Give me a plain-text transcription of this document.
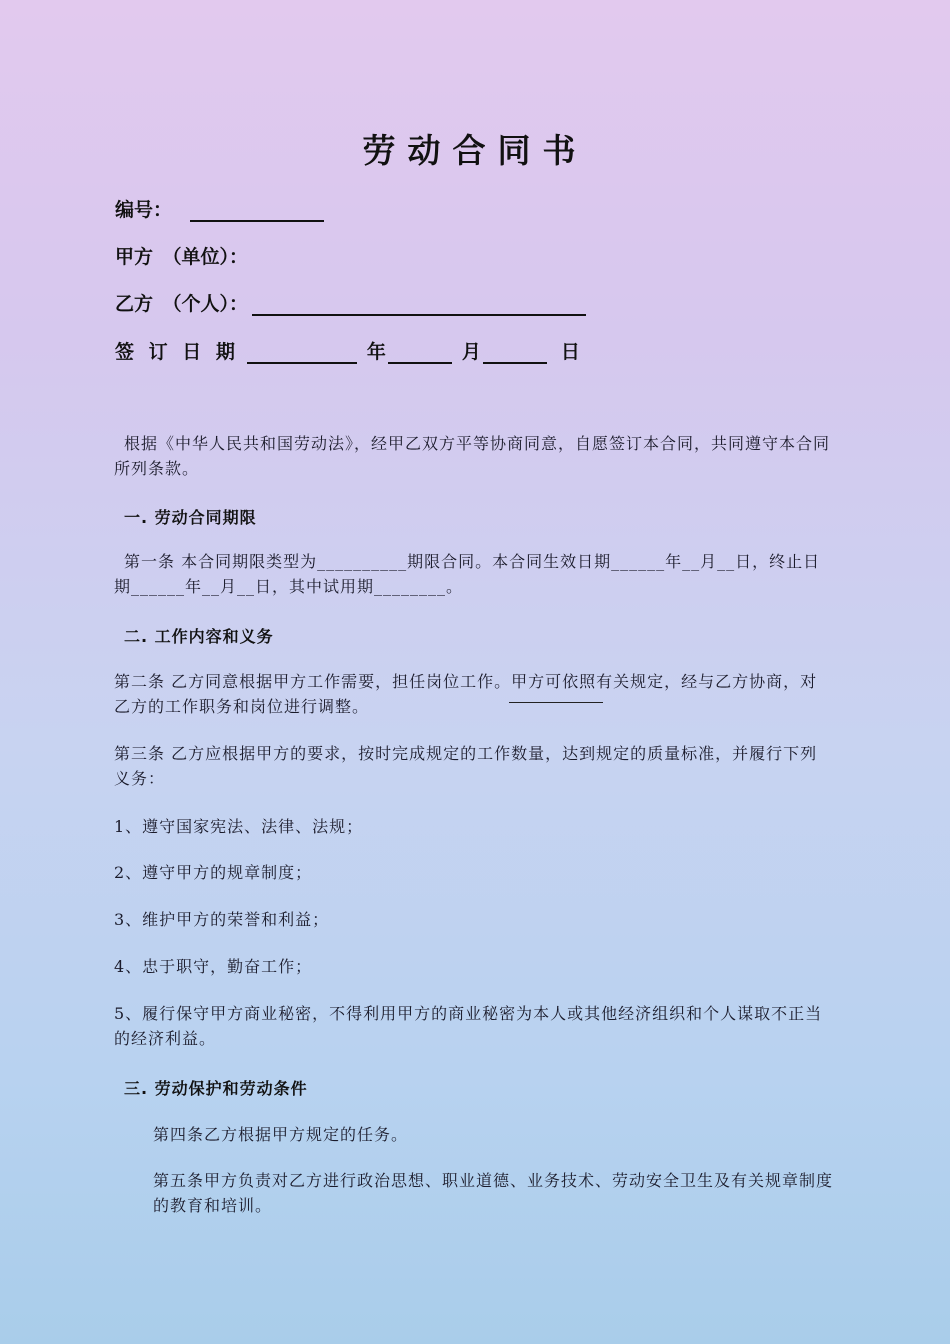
劳动合同书
编号：
甲方　（单位）：
乙方　（个人）：
签 订 日 期	年	月	日
根据《中华人民共和国劳动法》，经甲乙双方平等协商同意，自愿签订本合同，共同遵守本合同所列条款。
一. 劳动合同期限
第一条 本合同期限类型为__________期限合同。本合同生效日期______年__月__日，终止日期______年__月__日，其中试用期________。
二. 工作内容和义务
第二条 乙方同意根据甲方工作需要，担任岗位工作。甲方可依照有关规定，经与乙方协商，对乙方的工作职务和岗位进行调整。
第三条 乙方应根据甲方的要求，按时完成规定的工作数量，达到规定的质量标准，并履行下列义务：
1、遵守国家宪法、法律、法规；
2、遵守甲方的规章制度；
3、维护甲方的荣誉和利益；
4、忠于职守，勤奋工作；
5、履行保守甲方商业秘密，不得利用甲方的商业秘密为本人或其他经济组织和个人谋取不正当的经济利益。
三. 劳动保护和劳动条件
第四条乙方根据甲方规定的任务。
第五条甲方负责对乙方进行政治思想、职业道德、业务技术、劳动安全卫生及有关规章制度的教育和培训。
